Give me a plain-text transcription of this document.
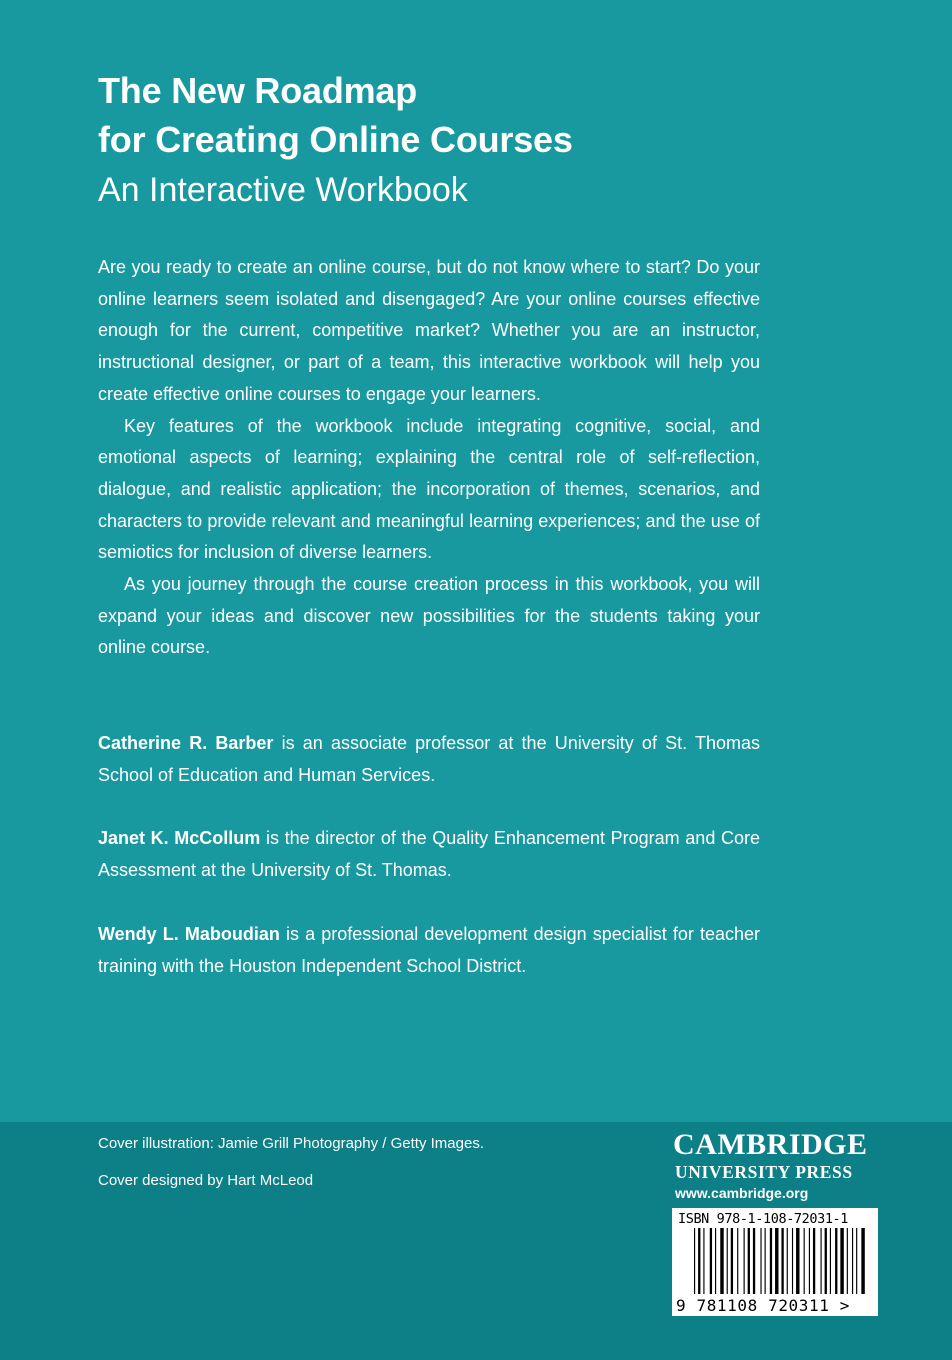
The New Roadmap
for Creating Online Courses
An Interactive Workbook

Are you ready to create an online course, but do not know where to start? Do your online learners seem isolated and disengaged? Are your online courses effective enough for the current, competitive market? Whether you are an instructor, instructional designer, or part of a team, this interactive workbook will help you create effective online courses to engage your learners.

Key features of the workbook include integrating cognitive, social, and emotional aspects of learning; explaining the central role of self-reflection, dialogue, and realistic application; the incorporation of themes, scenarios, and characters to provide relevant and meaningful learning experiences; and the use of semiotics for inclusion of diverse learners.

As you journey through the course creation process in this workbook, you will expand your ideas and discover new possibilities for the students taking your online course.

Catherine R. Barber is an associate professor at the University of St. Thomas School of Education and Human Services.
Janet K. McCollum is the director of the Quality Enhancement Program and Core Assessment at the University of St. Thomas.
Wendy L. Maboudian is a professional development design specialist for teacher training with the Houston Independent School District.
Cover illustration: Jamie Grill Photography / Getty Images.
Cover designed by Hart McLeod
CAMBRIDGE
UNIVERSITY PRESS
www.cambridge.org
ISBN 978-1-108-72031-1
9 781108 720311 >
